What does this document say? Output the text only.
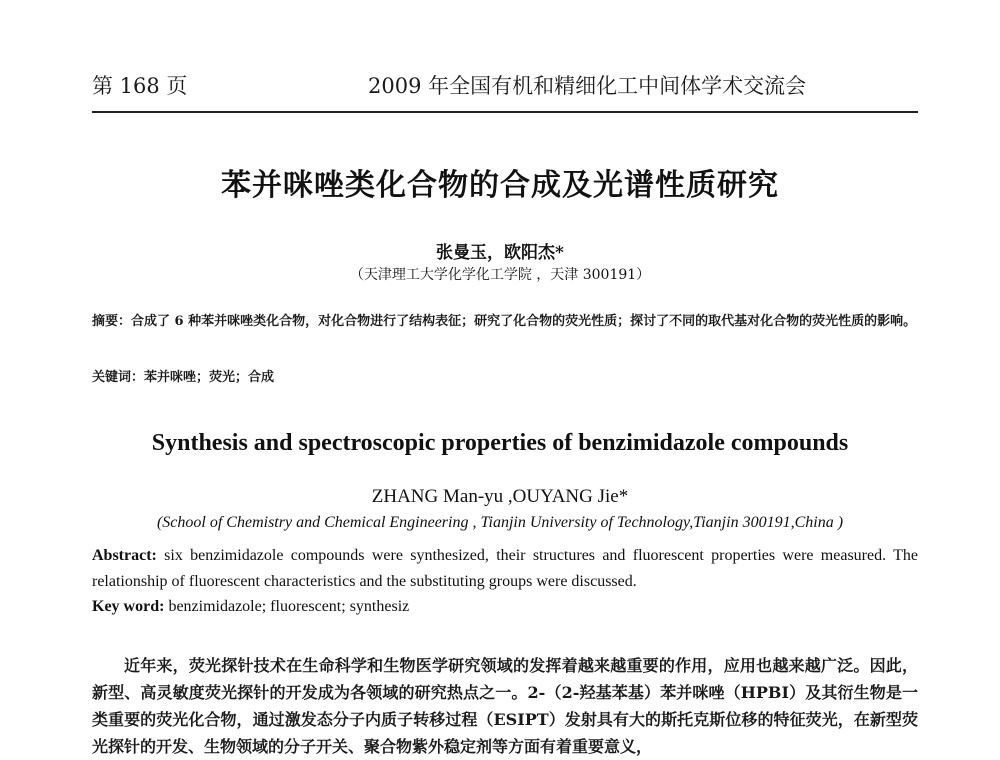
第 168 页	2009 年全国有机和精细化工中间体学术交流会
苯并咪唑类化合物的合成及光谱性质研究
张曼玉，欧阳杰*
（天津理工大学化学化工学院 ，天津 300191）
摘要：合成了 6 种苯并咪唑类化合物，对化合物进行了结构表征；研究了化合物的荧光性质；探讨了不同的取代基对化合物的荧光性质的影响。
关键词：苯并咪唑；荧光；合成
Synthesis and spectroscopic properties of benzimidazole compounds
ZHANG Man-yu ,OUYANG Jie*
(School of Chemistry and Chemical Engineering , Tianjin University of Technology,Tianjin 300191,China )
Abstract: six benzimidazole compounds were synthesized, their structures and fluorescent properties were measured. The relationship of fluorescent characteristics and the substituting groups were discussed.
Key word: benzimidazole; fluorescent; synthesiz
近年来，荧光探针技术在生命科学和生物医学研究领域的发挥着越来越重要的作用，应用也越来越广泛。因此，新型、高灵敏度荧光探针的开发成为各领域的研究热点之一。2-（2-羟基苯基）苯并咪唑（HPBI）及其衍生物是一类重要的荧光化合物，通过激发态分子内质子转移过程（ESIPT）发射具有大的斯托克斯位移的特征荧光，在新型荧光探针的开发、生物领域的分子开关、聚合物紫外稳定剂等方面有着重要意义，
